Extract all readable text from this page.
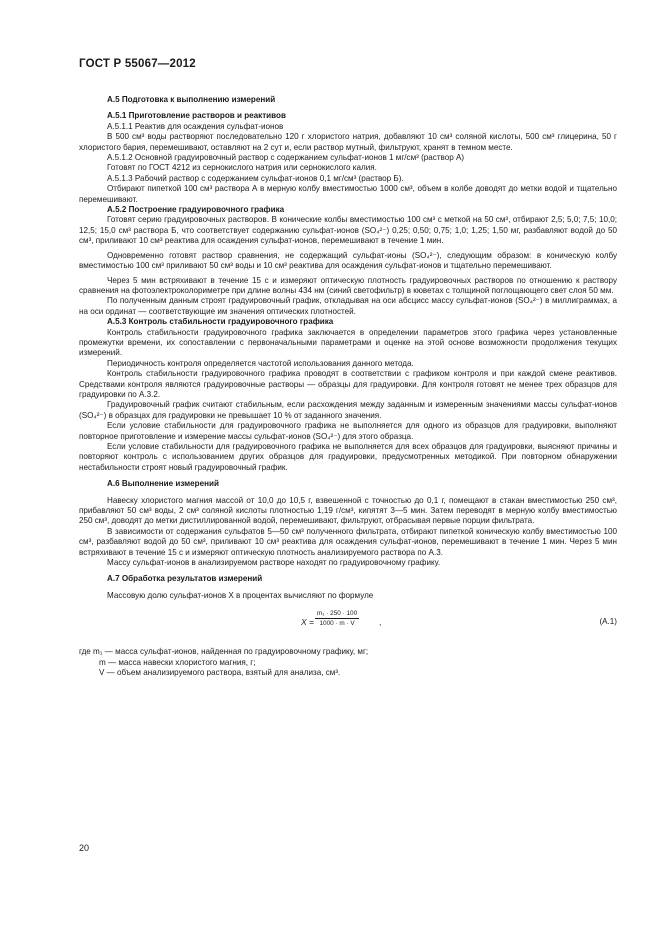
ГОСТ Р 55067—2012

А.5 Подготовка к выполнению измерений

А.5.1 Приготовление растворов и реактивов

А.5.1.1 Реактив для осаждения сульфат-ионов

В 500 см³ воды растворяют последовательно 120 г хлористого натрия, добавляют 10 см³ соляной кислоты, 500 см³ глицерина, 50 г хлористого бария, перемешивают, оставляют на 2 сут и, если раствор мутный, фильтруют, хранят в темном месте.

А.5.1.2 Основной градуировочный раствор с содержанием сульфат-ионов 1 мг/см³ (раствор А)

Готовят по ГОСТ 4212 из сернокислого натрия или сернокислого калия.

А.5.1.3 Рабочий раствор с содержанием сульфат-ионов 0,1 мг/см³ (раствор Б).

Отбирают пипеткой 100 см³ раствора А в мерную колбу вместимостью 1000 см³, объем в колбе доводят до метки водой и тщательно перемешивают.

А.5.2 Построение градуировочного графика

Готовят серию градуировочных растворов. В конические колбы вместимостью 100 см³ с меткой на 50 см³, отбирают 2,5; 5,0; 7,5; 10,0; 12,5; 15,0 см³ раствора Б, что соответствует содержанию сульфат-ионов (SO₄²⁻) 0,25; 0,50; 0,75; 1,0; 1,25; 1,50 мг, разбавляют водой до 50 см³, приливают 10 см³ реактива для осаждения сульфат-ионов, перемешивают в течение 1 мин.

Одновременно готовят раствор сравнения, не содержащий сульфат-ионы (SO₄²⁻), следующим образом: в коническую колбу вместимостью 100 см³ приливают 50 см³ воды и 10 см³ реактива для осаждения сульфат-ионов и тщательно перемешивают.

Через 5 мин встряхивают в течение 15 с и измеряют оптическую плотность градуировочных растворов по отношению к раствору сравнения на фотоэлектроколориметре при длине волны 434 нм (синий светофильтр) в кюветах с толщиной поглощающего свет слоя 50 мм.

По полученным данным строят градуировочный график, откладывая на оси абсцисс массу сульфат-ионов (SO₄²⁻) в миллиграммах, а на оси ординат — соответствующие им значения оптических плотностей.

А.5.3 Контроль стабильности градуировочного графика

Контроль стабильности градуировочного графика заключается в определении параметров этого графика через установленные промежутки времени, их сопоставлении с первоначальными параметрами и оценке на этой основе возможности продолжения текущих измерений.

Периодичность контроля определяется частотой использования данного метода.

Контроль стабильности градуировочного графика проводят в соответствии с графиком контроля и при каждой смене реактивов. Средствами контроля являются градуировочные растворы — образцы для градуировки. Для контроля готовят не менее трех образцов для градуировки по А.3.2.

Градуировочный график считают стабильным, если расхождения между заданным и измеренным значениями массы сульфат-ионов (SO₄²⁻) в образцах для градуировки не превышает 10 % от заданного значения.

Если условие стабильности для градуировочного графика не выполняется для одного из образцов для градуировки, выполняют повторное приготовление и измерение массы сульфат-ионов (SO₄²⁻) для этого образца.

Если условие стабильности для градуировочного графика не выполняется для всех образцов для градуировки, выясняют причины и повторяют контроль с использованием других образцов для градуировки, предусмотренных методикой. При повторном обнаружении нестабильности строят новый градуировочный график.

А.6 Выполнение измерений

Навеску хлористого магния массой от 10,0 до 10,5 г, взвешенной с точностью до 0,1 г, помещают в стакан вместимостью 250 см³, прибавляют 50 см³ воды, 2 см³ соляной кислоты плотностью 1,19 г/см³, кипятят 3—5 мин. Затем переводят в мерную колбу вместимостью 250 см³, доводят до метки дистиллированной водой, перемешивают, фильтруют, отбрасывая первые порции фильтрата.

В зависимости от содержания сульфатов 5—50 см³ полученного фильтрата, отбирают пипеткой коническую колбу вместимостью 100 см³, разбавляют водой до 50 см³, приливают 10 см³ реактива для осаждения сульфат-ионов, перемешивают в течение 1 мин. Через 5 мин встряхивают в течение 15 с и измеряют оптическую плотность анализируемого раствора по А.3.

Массу сульфат-ионов в анализируемом растворе находят по градуировочному графику.

А.7 Обработка результатов измерений

Массовую долю сульфат-ионов X в процентах вычисляют по формуле

$X = \frac{\text{m₁ · 250 · 100}}{1000 \cdot m \cdot V}$ ,	(А.1)

где m₁ — масса сульфат-ионов, найденная по градуировочному графику, мг;

m — масса навески хлористого магния, г;

V — объем анализируемого раствора, взятый для анализа, см³.

20
